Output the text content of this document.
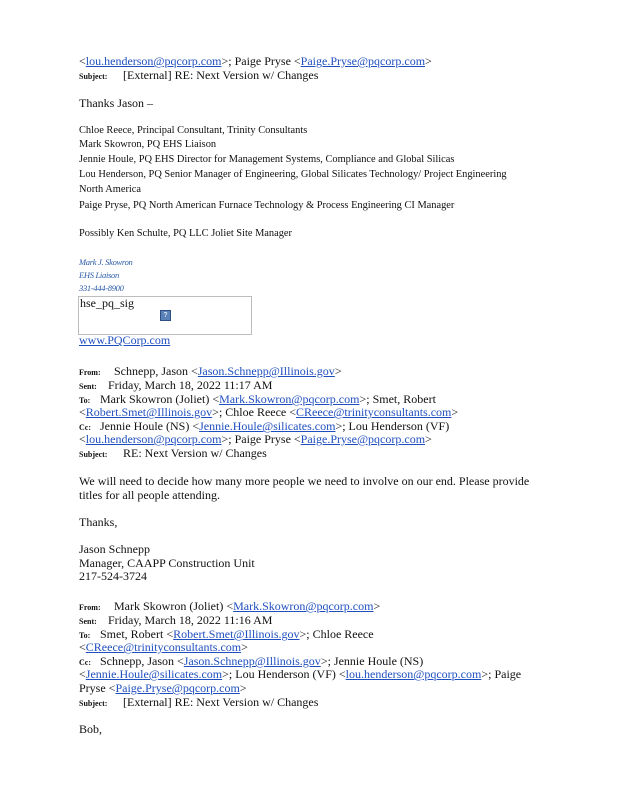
<lou.henderson@pqcorp.com>; Paige Pryse <Paige.Pryse@pqcorp.com>
Subject: [External] RE: Next Version w/ Changes
Thanks Jason –
Chloe Reece, Principal Consultant, Trinity Consultants
Mark Skowron, PQ EHS Liaison
Jennie Houle, PQ EHS Director for Management Systems, Compliance and Global Silicas
Lou Henderson, PQ Senior Manager of Engineering, Global Silicates Technology/ Project Engineering
North America
Paige Pryse, PQ North American Furnace Technology & Process Engineering CI Manager
Possibly Ken Schulte, PQ LLC Joliet Site Manager
Mark J. Skowron
EHS Liaison
331-444-8900
hse_pq_sig
?
www.PQCorp.com
From: Schnepp, Jason <Jason.Schnepp@Illinois.gov>
Sent: Friday, March 18, 2022 11:17 AM
To: Mark Skowron (Joliet) <Mark.Skowron@pqcorp.com>; Smet, Robert
<Robert.Smet@Illinois.gov>; Chloe Reece <CReece@trinityconsultants.com>
Cc: Jennie Houle (NS) <Jennie.Houle@silicates.com>; Lou Henderson (VF)
<lou.henderson@pqcorp.com>; Paige Pryse <Paige.Pryse@pqcorp.com>
Subject: RE: Next Version w/ Changes
We will need to decide how many more people we need to involve on our end. Please provide
titles for all people attending.
Thanks,
Jason Schnepp
Manager, CAAPP Construction Unit
217-524-3724
From: Mark Skowron (Joliet) <Mark.Skowron@pqcorp.com>
Sent: Friday, March 18, 2022 11:16 AM
To: Smet, Robert <Robert.Smet@Illinois.gov>; Chloe Reece
<CReece@trinityconsultants.com>
Cc: Schnepp, Jason <Jason.Schnepp@Illinois.gov>; Jennie Houle (NS)
<Jennie.Houle@silicates.com>; Lou Henderson (VF) <lou.henderson@pqcorp.com>; Paige
Pryse <Paige.Pryse@pqcorp.com>
Subject: [External] RE: Next Version w/ Changes
Bob,
